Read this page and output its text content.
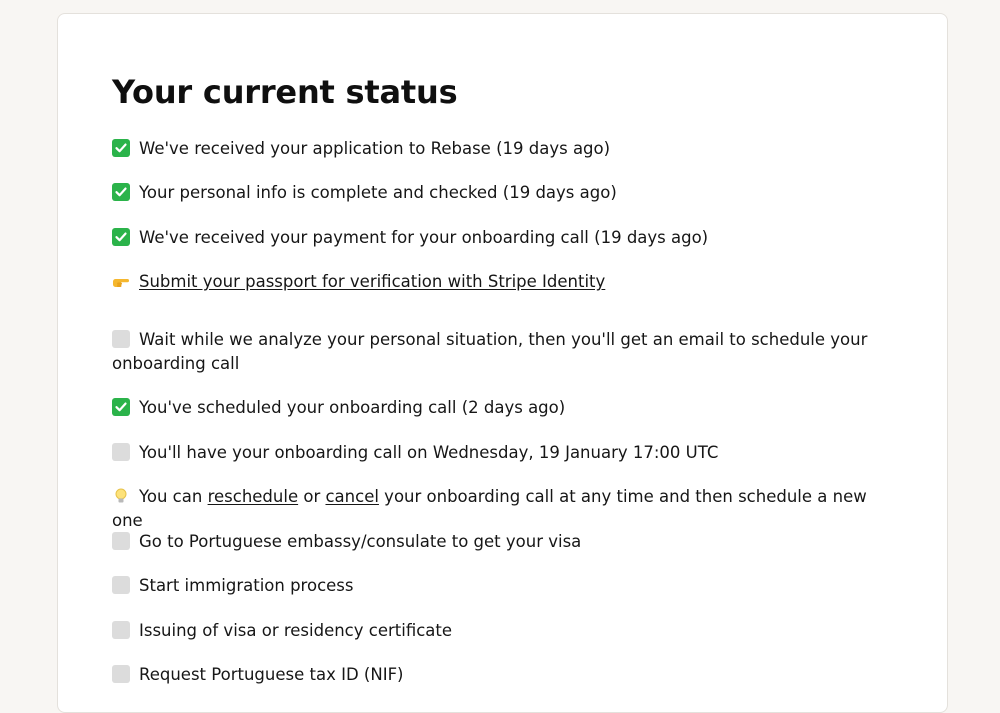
Your current status
We've received your application to Rebase (19 days ago)
Your personal info is complete and checked (19 days ago)
We've received your payment for your onboarding call (19 days ago)
Submit your passport for verification with Stripe Identity
Wait while we analyze your personal situation, then you'll get an email to schedule your onboarding call
You've scheduled your onboarding call (2 days ago)
You'll have your onboarding call on Wednesday, 19 January 17:00 UTC
You can reschedule or cancel your onboarding call at any time and then schedule a new one
Go to Portuguese embassy/consulate to get your visa
Start immigration process
Issuing of visa or residency certificate
Request Portuguese tax ID (NIF)
